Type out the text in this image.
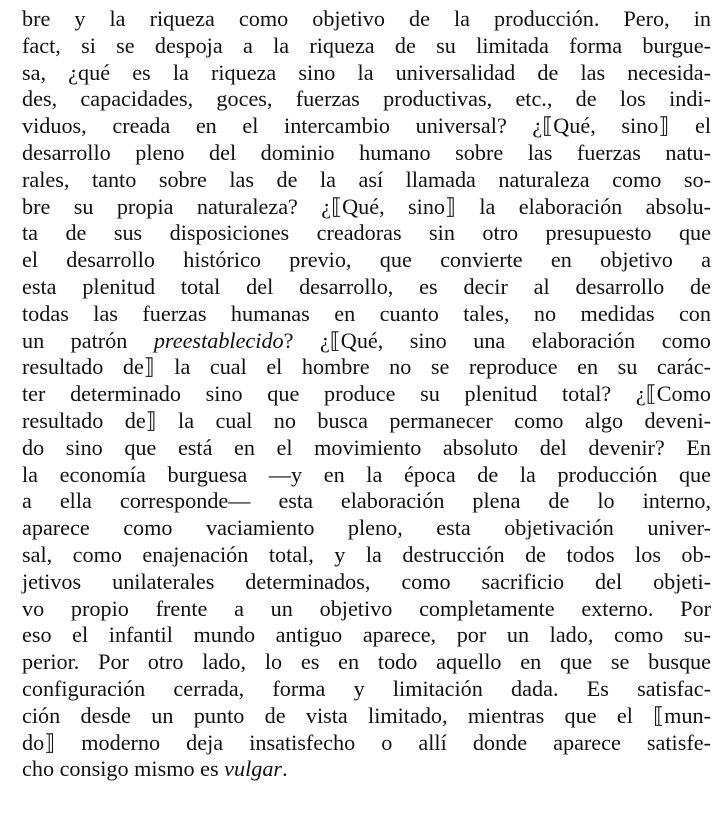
bre y la riqueza como objetivo de la producción. Pero, in
fact, si se despoja a la riqueza de su limitada forma burgue-
sa, ¿qué es la riqueza sino la universalidad de las necesida-
des, capacidades, goces, fuerzas productivas, etc., de los indi-
viduos, creada en el intercambio universal? ¿⟦Qué, sino⟧ el
desarrollo pleno del dominio humano sobre las fuerzas natu-
rales, tanto sobre las de la así llamada naturaleza como so-
bre su propia naturaleza? ¿⟦Qué, sino⟧ la elaboración absolu-
ta de sus disposiciones creadoras sin otro presupuesto que
el desarrollo histórico previo, que convierte en objetivo a
esta plenitud total del desarrollo, es decir al desarrollo de
todas las fuerzas humanas en cuanto tales, no medidas con
un patrón preestablecido? ¿⟦Qué, sino una elaboración como
resultado de⟧ la cual el hombre no se reproduce en su carác-
ter determinado sino que produce su plenitud total? ¿⟦Como
resultado de⟧ la cual no busca permanecer como algo deveni-
do sino que está en el movimiento absoluto del devenir? En
la economía burguesa —y en la época de la producción que
a ella corresponde— esta elaboración plena de lo interno,
aparece como vaciamiento pleno, esta objetivación univer-
sal, como enajenación total, y la destrucción de todos los ob-
jetivos unilaterales determinados, como sacrificio del objeti-
vo propio frente a un objetivo completamente externo. Por
eso el infantil mundo antiguo aparece, por un lado, como su-
perior. Por otro lado, lo es en todo aquello en que se busque
configuración cerrada, forma y limitación dada. Es satisfac-
ción desde un punto de vista limitado, mientras que el ⟦mun-
do⟧ moderno deja insatisfecho o allí donde aparece satisfe-
cho consigo mismo es vulgar.
